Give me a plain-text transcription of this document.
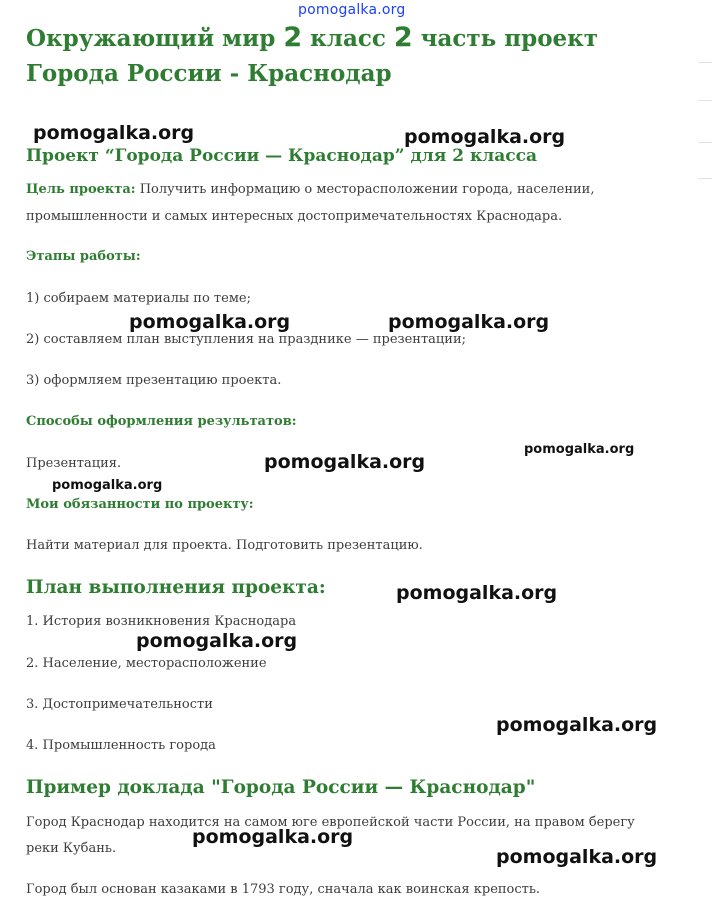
pomogalka.org
Окружающий мир 2 класс 2 часть проект Города России - Краснодар
Проект “Города России — Краснодар” для 2 класса

Цель проекта: Получить информацию о месторасположении города, населении,

промышленности и самых интересных достопримечательностях Краснодара.

Этапы работы:

1) собираем материалы по теме;

2) составляем план выступления на празднике — презентации;

3) оформляем презентацию проекта.

Способы оформления результатов:

Презентация.

Мои обязанности по проекту:

Найти материал для проекта. Подготовить презентацию.

План выполнения проекта:

1. История возникновения Краснодара

2. Население, месторасположение

3. Достопримечательности

4. Промышленность города

Пример доклада "Города России — Краснодар"

Город Краснодар находится на самом юге европейской части России, на правом берегу

реки Кубань.

Город был основан казаками в 1793 году, сначала как воинская крепость.

pomogalka.org	pomogalka.org
pomogalka.org	pomogalka.org
pomogalka.org
pomogalka.org
pomogalka.org
pomogalka.org
pomogalka.org
pomogalka.org
pomogalka.org
pomogalka.org
